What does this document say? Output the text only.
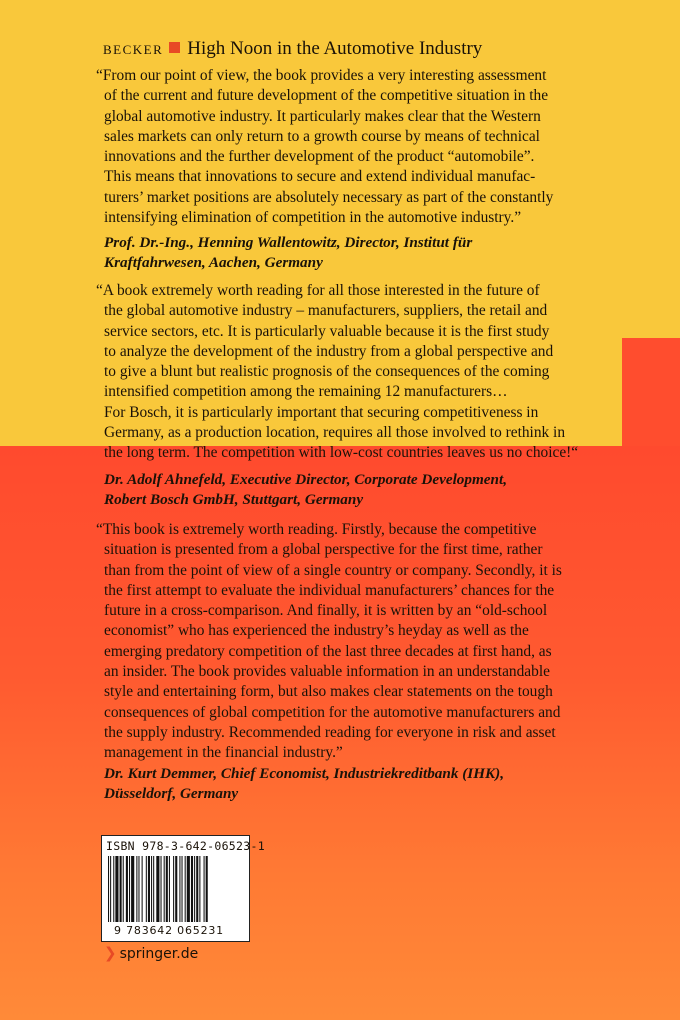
BECKER High Noon in the Automotive Industry
“From our point of view, the book provides a very interesting assessment
of the current and future development of the competitive situation in the
global automotive industry. It particularly makes clear that the Western
sales markets can only return to a growth course by means of technical
innovations and the further development of the product “automobile”.
This means that innovations to secure and extend individual manufac-
turers’ market positions are absolutely necessary as part of the constantly
intensifying elimination of competition in the automotive industry.”
Prof. Dr.-Ing., Henning Wallentowitz, Director, Institut für
Kraftfahrwesen, Aachen, Germany
“A book extremely worth reading for all those interested in the future of
the global automotive industry – manufacturers, suppliers, the retail and
service sectors, etc. It is particularly valuable because it is the first study
to analyze the development of the industry from a global perspective and
to give a blunt but realistic prognosis of the consequences of the coming
intensified competition among the remaining 12 manufacturers…
For Bosch, it is particularly important that securing competitiveness in
Germany, as a production location, requires all those involved to rethink in
the long term. The competition with low-cost countries leaves us no choice!“
Dr. Adolf Ahnefeld, Executive Director, Corporate Development,
Robert Bosch GmbH, Stuttgart, Germany
“This book is extremely worth reading. Firstly, because the competitive
situation is presented from a global perspective for the first time, rather
than from the point of view of a single country or company. Secondly, it is
the first attempt to evaluate the individual manufacturers’ chances for the
future in a cross-comparison. And finally, it is written by an “old-school
economist” who has experienced the industry’s heyday as well as the
emerging predatory competition of the last three decades at first hand, as
an insider. The book provides valuable information in an understandable
style and entertaining form, but also makes clear statements on the tough
consequences of global competition for the automotive manufacturers and
the supply industry. Recommended reading for everyone in risk and asset
management in the financial industry.”
Dr. Kurt Demmer, Chief Economist, Industriekreditbank (IHK),
Düsseldorf, Germany
ISBN 978-3-642-06523-1
9 783642 065231
❯ springer.de
